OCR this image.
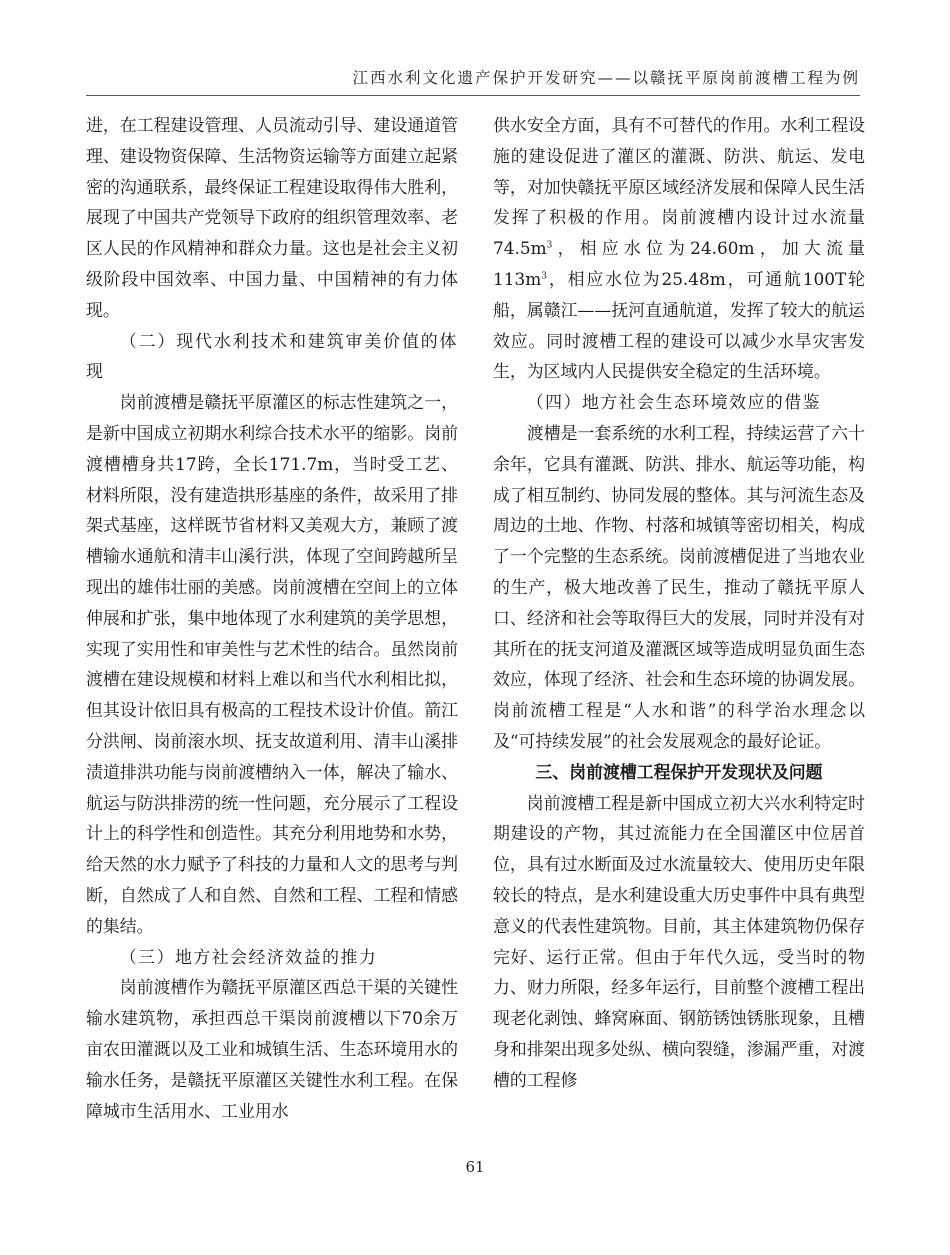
江西水利文化遗产保护开发研究——以赣抚平原岗前渡槽工程为例

进，在工程建设管理、人员流动引导、建设通道管理、建设物资保障、生活物资运输等方面建立起紧密的沟通联系，最终保证工程建设取得伟大胜利，展现了中国共产党领导下政府的组织管理效率、老区人民的作风精神和群众力量。这也是社会主义初级阶段中国效率、中国力量、中国精神的有力体现。

（二）现代水利技术和建筑审美价值的体现

岗前渡槽是赣抚平原灌区的标志性建筑之一，是新中国成立初期水利综合技术水平的缩影。岗前渡槽槽身共17跨，全长171.7m，当时受工艺、材料所限，没有建造拱形基座的条件，故采用了排架式基座，这样既节省材料又美观大方，兼顾了渡槽输水通航和清丰山溪行洪，体现了空间跨越所呈现出的雄伟壮丽的美感。岗前渡槽在空间上的立体伸展和扩张，集中地体现了水利建筑的美学思想，实现了实用性和审美性与艺术性的结合。虽然岗前渡槽在建设规模和材料上难以和当代水利相比拟，但其设计依旧具有极高的工程技术设计价值。箭江分洪闸、岗前滚水坝、抚支故道利用、清丰山溪排渍道排洪功能与岗前渡槽纳入一体，解决了输水、航运与防洪排涝的统一性问题，充分展示了工程设计上的科学性和创造性。其充分利用地势和水势，给天然的水力赋予了科技的力量和人文的思考与判断，自然成了人和自然、自然和工程、工程和情感的集结。

（三）地方社会经济效益的推力

岗前渡槽作为赣抚平原灌区西总干渠的关键性输水建筑物，承担西总干渠岗前渡槽以下70余万亩农田灌溉以及工业和城镇生活、生态环境用水的输水任务，是赣抚平原灌区关键性水利工程。在保障城市生活用水、工业用水

供水安全方面，具有不可替代的作用。水利工程设施的建设促进了灌区的灌溉、防洪、航运、发电等，对加快赣抚平原区域经济发展和保障人民生活发挥了积极的作用。岗前渡槽内设计过水流量$74.5m^3$，相应水位为24.60m，加大流量$113m^3$，相应水位为25.48m，可通航100T轮船，属赣江——抚河直通航道，发挥了较大的航运效应。同时渡槽工程的建设可以减少水旱灾害发生，为区域内人民提供安全稳定的生活环境。

（四）地方社会生态环境效应的借鉴

渡槽是一套系统的水利工程，持续运营了六十余年，它具有灌溉、防洪、排水、航运等功能，构成了相互制约、协同发展的整体。其与河流生态及周边的土地、作物、村落和城镇等密切相关，构成了一个完整的生态系统。岗前渡槽促进了当地农业的生产，极大地改善了民生，推动了赣抚平原人口、经济和社会等取得巨大的发展，同时并没有对其所在的抚支河道及灌溉区域等造成明显负面生态效应，体现了经济、社会和生态环境的协调发展。岗前流槽工程是“人水和谐”的科学治水理念以及“可持续发展”的社会发展观念的最好论证。

三、岗前渡槽工程保护开发现状及问题

岗前渡槽工程是新中国成立初大兴水利特定时期建设的产物，其过流能力在全国灌区中位居首位，具有过水断面及过水流量较大、使用历史年限较长的特点，是水利建设重大历史事件中具有典型意义的代表性建筑物。目前，其主体建筑物仍保存完好、运行正常。但由于年代久远，受当时的物力、财力所限，经多年运行，目前整个渡槽工程出现老化剥蚀、蜂窝麻面、钢筋锈蚀锈胀现象，且槽身和排架出现多处纵、横向裂缝，渗漏严重，对渡槽的工程修

61
